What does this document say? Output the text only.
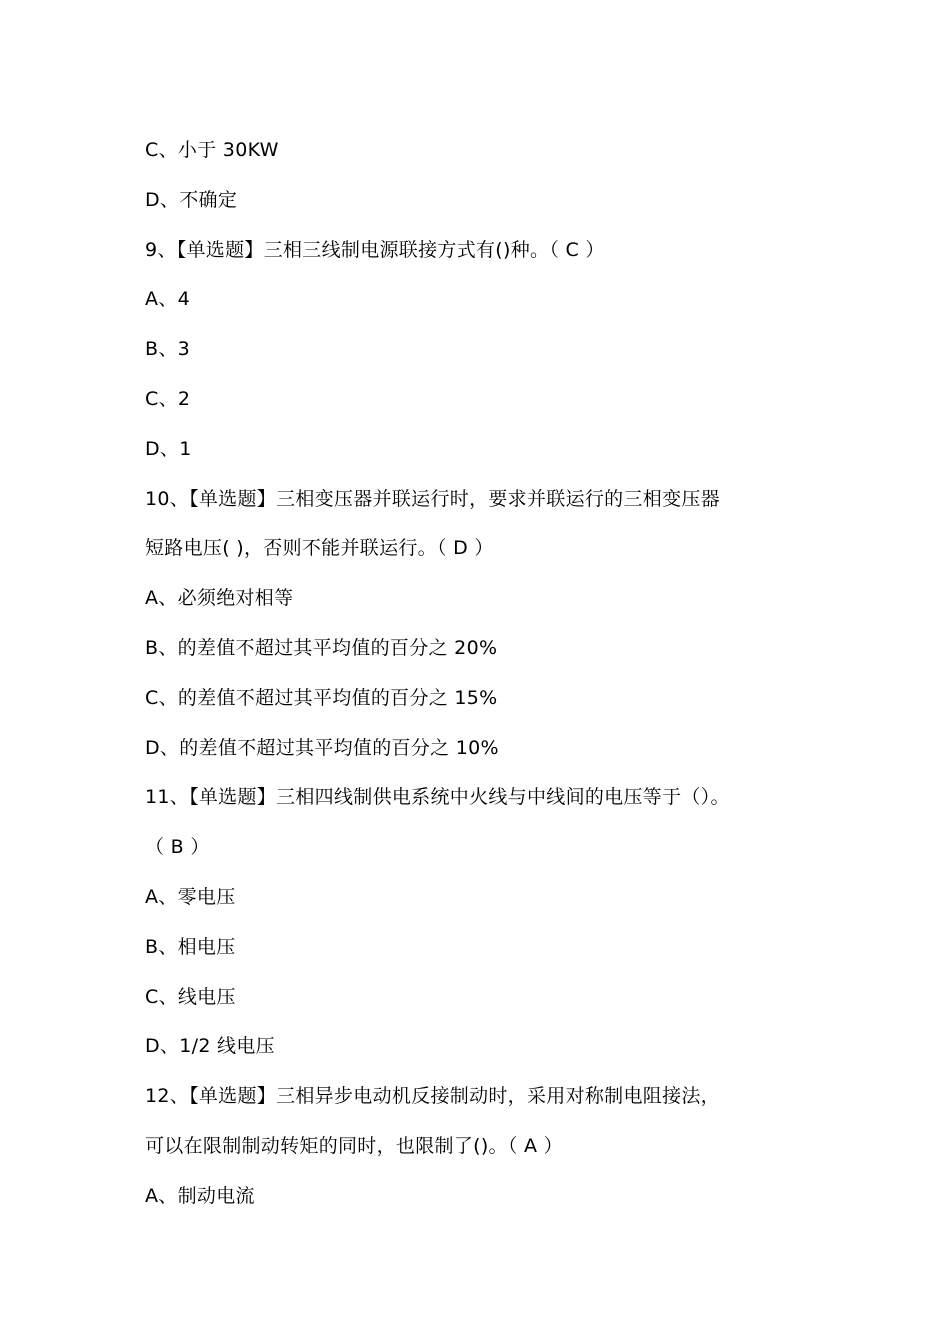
C、小于 30KW
D、不确定
9、【单选题】三相三线制电源联接方式有()种。（ C ）
A、4
B、3
C、2
D、1
10、【单选题】三相变压器并联运行时，要求并联运行的三相变压器
短路电压( )，否则不能并联运行。（ D ）
A、必须绝对相等
B、的差值不超过其平均值的百分之 20%
C、的差值不超过其平均值的百分之 15%
D、的差值不超过其平均值的百分之 10%
11、【单选题】三相四线制供电系统中火线与中线间的电压等于（）。
（ B ）
A、零电压
B、相电压
C、线电压
D、1/2 线电压
12、【单选题】三相异步电动机反接制动时，采用对称制电阻接法，
可以在限制制动转矩的同时，也限制了()。（ A ）
A、制动电流
